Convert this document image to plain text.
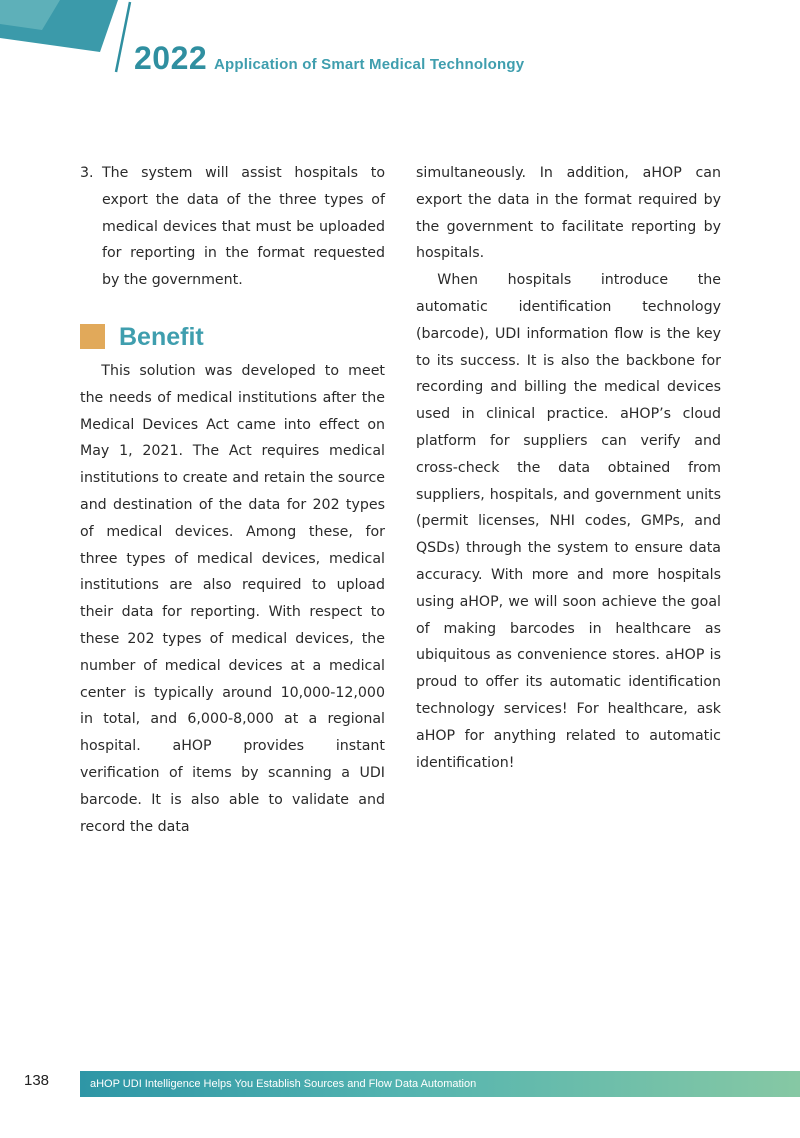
2022 Application of Smart Medical Technolongy
3. The system will assist hospitals to export the data of the three types of medical devices that must be uploaded for reporting in the format requested by the government.
Benefit

This solution was developed to meet the needs of medical institutions after the Medical Devices Act came into effect on May 1, 2021. The Act requires medical institutions to create and retain the source and destination of the data for 202 types of medical devices. Among these, for three types of medical devices, medical institutions are also required to upload their data for reporting. With respect to these 202 types of medical devices, the number of medical devices at a medical center is typically around 10,000-12,000 in total, and 6,000-8,000 at a regional hospital. aHOP provides instant verification of items by scanning a UDI barcode. It is also able to validate and record the data

simultaneously. In addition, aHOP can export the data in the format required by the government to facilitate reporting by hospitals.

When hospitals introduce the automatic identification technology (barcode), UDI information flow is the key to its success. It is also the backbone for recording and billing the medical devices used in clinical practice. aHOP’s cloud platform for suppliers can verify and cross-check the data obtained from suppliers, hospitals, and government units (permit licenses, NHI codes, GMPs, and QSDs) through the system to ensure data accuracy. With more and more hospitals using aHOP, we will soon achieve the goal of making barcodes in healthcare as ubiquitous as convenience stores. aHOP is proud to offer its automatic identification technology services! For healthcare, ask aHOP for anything related to automatic identification!

138	aHOP UDI Intelligence Helps You Establish Sources and Flow Data Automation
